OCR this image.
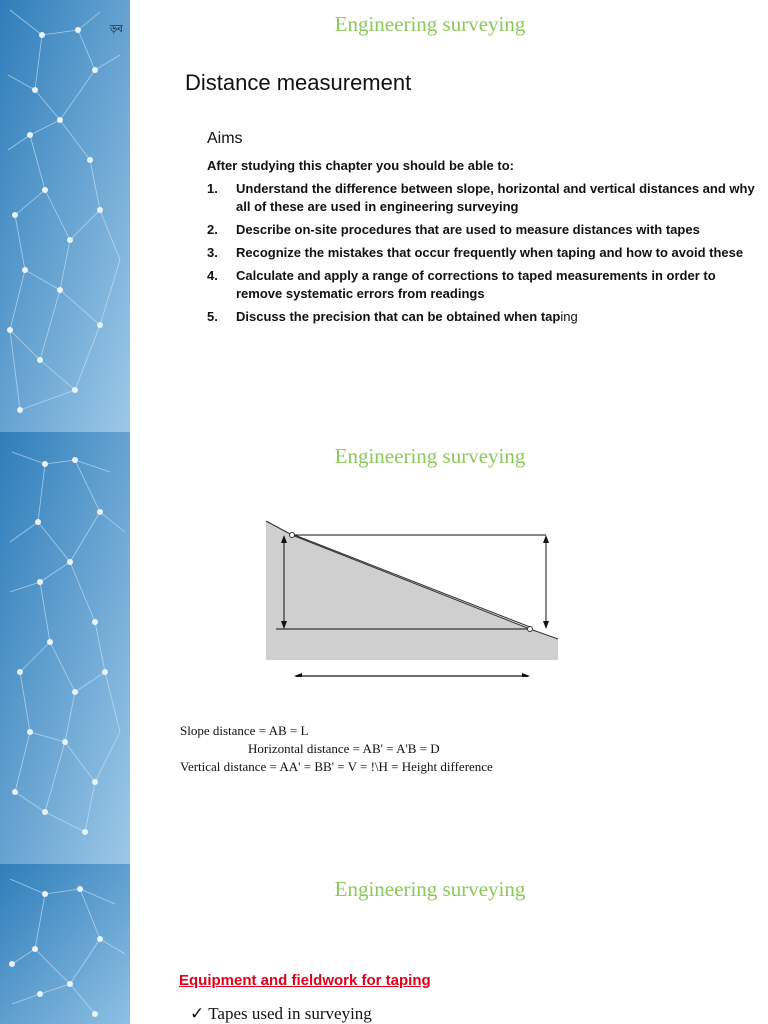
ড়ব	Engineering surveying
Distance measurement
Aims
After studying this chapter you should be able to:
1. Understand the difference between slope, horizontal and vertical distances and why all of these are used in engineering surveying
2. Describe on-site procedures that are used to measure distances with tapes
3. Recognize the mistakes that occur frequently when taping and how to avoid these
4. Calculate and apply a range of corrections to taped measurements in order to remove systematic errors from readings
5. Discuss the precision that can be obtained when taping
Engineering surveying
Slope distance = AB = L
Horizontal distance = AB' = A'B = D
Vertical distance = AA' = BB' = V = !\H = Height difference
Engineering surveying
Equipment and fieldwork for taping
✓ Tapes used in surveying
